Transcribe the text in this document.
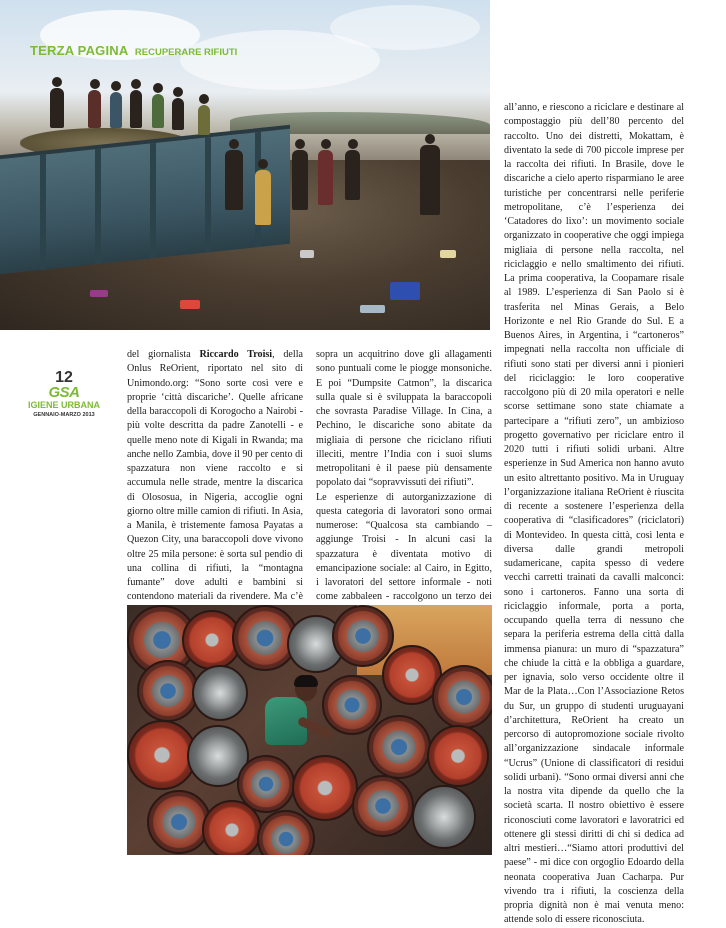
TERZA PAGINA RECUPERARE RIFIUTI
12
GSA
IGIENE URBANA
GENNAIO-MARZO 2013

del giornalista Riccardo Troisi, della Onlus ReOrient, riportato nel sito di Unimondo.org: “Sono sorte così vere e proprie ‘città discariche’. Quelle africane della baraccopoli di Korogocho a Nairobi - più volte descritta da padre Zanotelli - e quelle meno note di Kigali in Rwanda; ma anche nello Zambia, dove il 90 per cento di spazzatura non viene raccolto e si accumula nelle strade, mentre la discarica di Olososua, in Nigeria, accoglie ogni giorno oltre mille camion di rifiuti. In Asia, a Manila, è tristemente famosa Payatas a Quezon City, una baraccopoli dove vivono oltre 25 mila persone: è sorta sul pendio di una collina di rifiuti, la “montagna fumante” dove adulti e bambini si contendono materiali da rivendere. Ma c’è

sopra un acquitrino dove gli allagamenti sono puntuali come le piogge monsoniche. E poi “Dumpsite Catmon”, la discarica sulla quale si è sviluppata la baraccopoli che sovrasta Paradise Village. In Cina, a Pechino, le discariche sono abitate da migliaia di persone che riciclano rifiuti illeciti, mentre l’India con i suoi slums metropolitani è il paese più densamente popolato dai “sopravvissuti dei rifiuti”.

Le esperienze di autorganizzazione di questa categoria di lavoratori sono ormai numerose: “Qualcosa sta cambiando – aggiunge Troisi - In alcuni casi la spazzatura è diventata motivo di emancipazione sociale: al Cairo, in Egitto, i lavoratori del settore informale - noti come zabbaleen - raccolgono un terzo dei

all’anno, e riescono a riciclare e destinare al compostaggio più dell’80 percento del raccolto. Uno dei distretti, Mokattam, è diventato la sede di 700 piccole imprese per la raccolta dei rifiuti. In Brasile, dove le discariche a cielo aperto risparmiano le aree turistiche per concentrarsi nelle periferie metropolitane, c’è l’esperienza dei ‘Catadores do lixo’: un movimento sociale organizzato in cooperative che oggi impiega migliaia di persone nella raccolta, nel riciclaggio e nello smaltimento dei rifiuti. La prima cooperativa, la Coopamare risale al 1989. L’esperienza di San Paolo si è trasferita nel Minas Gerais, a Belo Horizonte e nel Rio Grande do Sul. E a Buenos Aires, in Argentina, i “cartoneros” impegnati nella raccolta non ufficiale di rifiuti sono stati per diversi anni i pionieri del riciclaggio: le loro cooperative raccolgono più di 20 mila operatori e nelle scorse settimane sono state chiamate a partecipare a “rifiuti zero”, un ambizioso progetto governativo per riciclare entro il 2020 tutti i rifiuti solidi urbani. Altre esperienze in Sud America non hanno avuto un esito altrettanto positivo. Ma in Uruguay l’organizzazione italiana ReOrient è riuscita di recente a sostenere l’esperienza della cooperativa di “clasificadores” (riciclatori) di Montevideo. In questa città, così lenta e diversa dalle grandi metropoli sudamericane, capita spesso di vedere vecchi carretti trainati da cavalli malconci: sono i cartoneros. Fanno una sorta di riciclaggio informale, porta a porta, occupando quella terra di nessuno che separa la periferia estrema della città dalla immensa pianura: un muro di “spazzatura” che chiude la città e la obbliga a guardare, per ignavia, solo verso occidente oltre il Mar de la Plata…Con l’Associazione Retos du Sur, un gruppo di studenti uruguayani d’architettura, ReOrient ha creato un percorso di autopromozione sociale rivolto all’organizzazione sindacale informale “Ucrus” (Unione di classificatori di residui solidi urbani). “Sono ormai diversi anni che la nostra vita dipende da quello che la società scarta. Il nostro obiettivo è essere riconosciuti come lavoratori e lavoratrici ed ottenere gli stessi diritti di chi si dedica ad altri mestieri…“Siamo attori produttivi del paese” - mi dice con orgoglio Edoardo della neonata cooperativa Juan Cacharpa. Pur vivendo tra i rifiuti, la coscienza della propria dignità non è mai venuta meno: attende solo di essere riconosciuta.
